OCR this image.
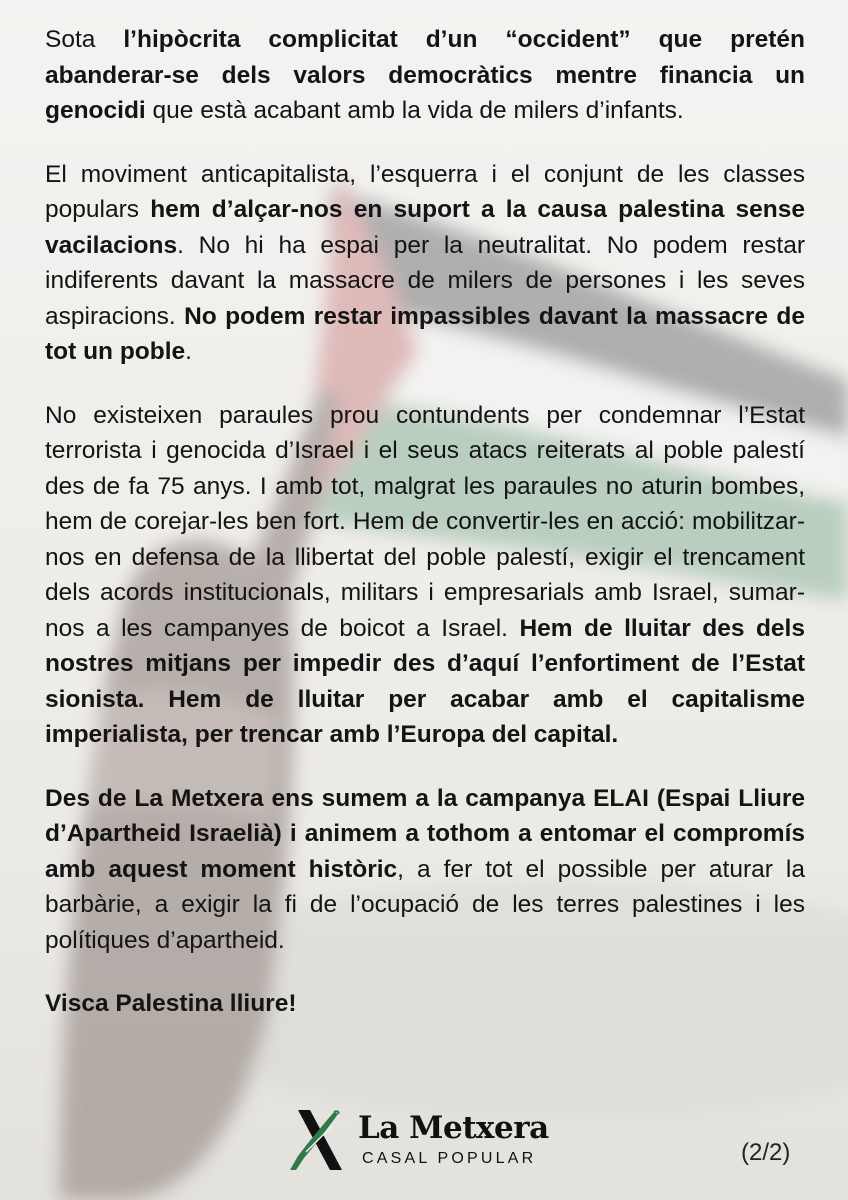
Sota l’hipòcrita complicitat d’un “occident” que pretén abanderar-se dels valors democràtics mentre financia un genocidi que està acabant amb la vida de milers d’infants.

El moviment anticapitalista, l’esquerra i el conjunt de les classes populars hem d’alçar-nos en suport a la causa palestina sense vacilacions. No hi ha espai per la neutralitat. No podem restar indiferents davant la massacre de milers de persones i les seves aspiracions. No podem restar impassibles davant la massacre de tot un poble.

No existeixen paraules prou contundents per condemnar l’Estat terrorista i genocida d’Israel i el seus atacs reiterats al poble palestí des de fa 75 anys. I amb tot, malgrat les paraules no aturin bombes, hem de corejar-les ben fort. Hem de convertir-les en acció: mobilitzar-nos en defensa de la llibertat del poble palestí, exigir el trencament dels acords institucionals, militars i empresarials amb Israel, sumar-nos a les campanyes de boicot a Israel. Hem de lluitar des dels nostres mitjans per impedir des d’aquí l’enfortiment de l’Estat sionista. Hem de lluitar per acabar amb el capitalisme imperialista, per trencar amb l’Europa del capital.

Des de La Metxera ens sumem a la campanya ELAI (Espai Lliure d’Apartheid Israelià) i animem a tothom a entomar el compromís amb aquest moment històric, a fer tot el possible per aturar la barbàrie, a exigir la fi de l’ocupació de les terres palestines i les polítiques d’apartheid.

Visca Palestina lliure!

La Metxera
CASAL POPULAR	(2/2)
